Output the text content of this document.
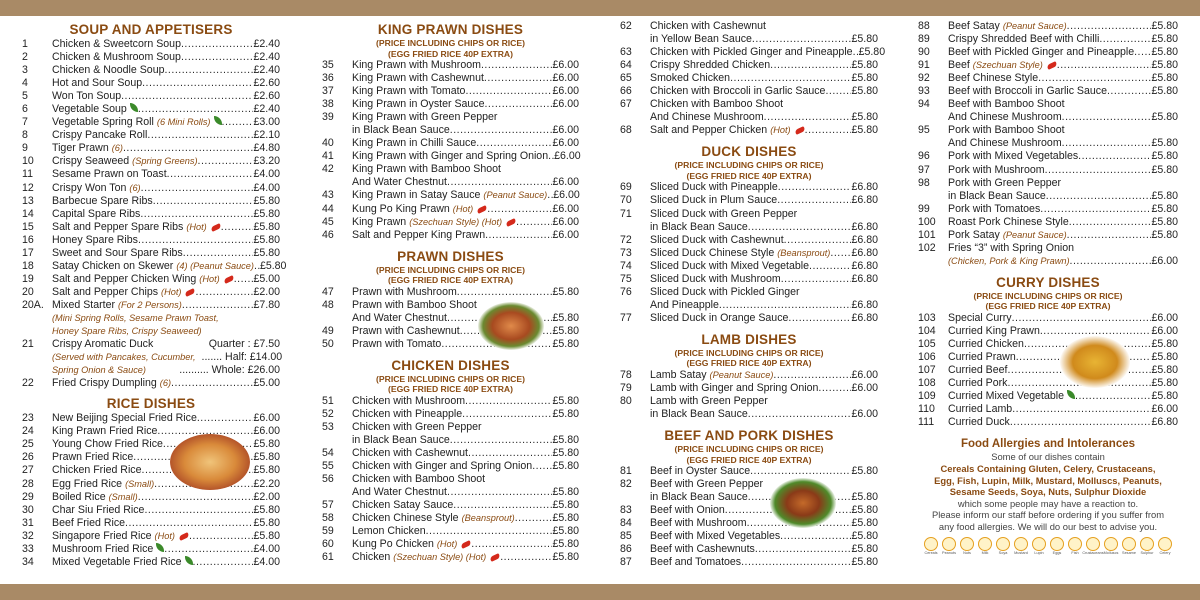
SOUP AND APPETISERS
1	Chicken & Sweetcorn Soup .....	£2.40
2	Chicken & Mushroom Soup .....	£2.40
3	Chicken & Noodle Soup .....	£2.40
4	Hot and Sour Soup .....	£2.60
5	Won Ton Soup .....	£2.60
6	Vegetable Soup .....	£2.40
7	Vegetable Spring Roll (6 Mini Rolls) .....	£3.00
8	Crispy Pancake Roll .....	£2.10
9	Tiger Prawn (6) .....	£4.80
10	Crispy Seaweed (Spring Greens) .....	£3.20
11	Sesame Prawn on Toast .....	£4.00
12	Crispy Won Ton (6) .....	£4.00
13	Barbecue Spare Ribs .....	£5.80
14	Capital Spare Ribs .....	£5.80
15	Salt and Pepper Spare Ribs (Hot) .....	£5.80
16	Honey Spare Ribs .....	£5.80
17	Sweet and Sour Spare Ribs .....	£5.80
18	Satay Chicken on Skewer (4) (Peanut Sauce) ..... £5.80
19	Salt and Pepper Chicken Wing (Hot) .....	£5.00
20	Salt and Pepper Chips (Hot) .....	£2.00
20A. Mixed Starter (For 2 Persons) .....	£7.80
(Mini Spring Rolls, Sesame Prawn Toast,
Honey Spare Ribs, Crispy Seaweed)
21	Crispy Aromatic Duck	Quarter : £7.50
(Served with Pancakes, Cucumber, ....... Half: £14.00
Spring Onion & Sauce)	.......... Whole: £26.00
22	Fried Crispy Dumpling (6) .....	£5.00
RICE DISHES
23	New Beijing Special Fried Rice .....	£6.00
24	King Prawn Fried Rice .....	£6.00
25	Young Chow Fried Rice .....	£5.80
26	Prawn Fried Rice .....	£5.80
27	Chicken Fried Rice .....	£5.80
28	Egg Fried Rice (Small) .....	£2.20
29	Boiled Rice (Small) .....	£2.00
30	Char Siu Fried Rice .....	£5.80
31	Beef Fried Rice .....	£5.80
32	Singapore Fried Rice (Hot) .....	£5.80
33	Mushroom Fried Rice .....	£4.00
34	Mixed Vegetable Fried Rice .....	£4.00
KING PRAWN DISHES
(PRICE INCLUDING CHIPS OR RICE)
(EGG FRIED RICE 40P EXTRA)
35	King Prawn with Mushroom .....	£6.00
36	King Prawn with Cashewnut .....	£6.00
37	King Prawn with Tomato .....	£6.00
38	King Prawn in Oyster Sauce .....	£6.00
39	King Prawn with Green Pepper
in Black Bean Sauce .....	£6.00
40	King Prawn in Chilli Sauce .....	£6.00
41	King Prawn with Ginger and Spring Onion ..... £6.00
42	King Prawn with Bamboo Shoot
And Water Chestnut .....	£6.00
43	King Prawn in Satay Sauce (Peanut Sauce) ..... £6.00
44	Kung Po King Prawn (Hot) .....	£6.00
45	King Prawn (Szechuan Style) (Hot) .....	£6.00
46	Salt and Pepper King Prawn .....	£6.00
PRAWN DISHES
(PRICE INCLUDING CHIPS OR RICE)
(EGG FRIED RICE 40P EXTRA)
47	Prawn with Mushroom .....	£5.80
48	Prawn with Bamboo Shoot
And Water Chestnut .....	£5.80
49	Prawn with Cashewnut .....	£5.80
50	Prawn with Tomato .....	£5.80
CHICKEN DISHES
(PRICE INCLUDING CHIPS OR RICE)
(EGG FRIED RICE 40P EXTRA)
51	Chicken with Mushroom .....	£5.80
52	Chicken with Pineapple .....	£5.80
53	Chicken with Green Pepper
in Black Bean Sauce .....	£5.80
54	Chicken with Cashewnut .....	£5.80
55	Chicken with Ginger and Spring Onion ..... £5.80
56	Chicken with Bamboo Shoot
And Water Chestnut .....	£5.80
57	Chicken Satay Sauce .....	£5.80
58	Chicken Chinese Style (Beansprout) .....	£5.80
59	Lemon Chicken .....	£5.80
60	Kung Po Chicken (Hot) .....	£5.80
61	Chicken (Szechuan Style) (Hot) .....	£5.80
62	Chicken with Cashewnut
in Yellow Bean Sauce .....	£5.80
63	Chicken with Pickled Ginger and Pineapple ..... £5.80
64	Crispy Shredded Chicken .....	£5.80
65	Smoked Chicken .....	£5.80
66	Chicken with Broccoli in Garlic Sauce ..... £5.80
67	Chicken with Bamboo Shoot
And Chinese Mushroom .....	£5.80
68	Salt and Pepper Chicken (Hot) .....	£5.80
DUCK DISHES
(PRICE INCLUDING CHIPS OR RICE)
(EGG FRIED RICE 40P EXTRA)
69	Sliced Duck with Pineapple .....	£6.80
70	Sliced Duck in Plum Sauce .....	£6.80
71	Sliced Duck with Green Pepper
in Black Bean Sauce .....	£6.80
72	Sliced Duck with Cashewnut .....	£6.80
73	Sliced Duck Chinese Style (Beansprout) ..... £6.80
74	Sliced Duck with Mixed Vegetable .....	£6.80
75	Sliced Duck with Mushroom .....	£6.80
76	Sliced Duck with Pickled Ginger
And Pineapple .....	£6.80
77	Sliced Duck in Orange Sauce .....	£6.80
LAMB DISHES
(PRICE INCLUDING CHIPS OR RICE)
(EGG FRIED RICE 40P EXTRA)
78	Lamb Satay (Peanut Sauce) .....	£6.00
79	Lamb with Ginger and Spring Onion .....	£6.00
80	Lamb with Green Pepper
in Black Bean Sauce .....	£6.00
BEEF AND PORK DISHES
(PRICE INCLUDING CHIPS OR RICE)
(EGG FRIED RICE 40P EXTRA)
81	Beef in Oyster Sauce .....	£5.80
82	Beef with Green Pepper
in Black Bean Sauce .....	£5.80
83	Beef with Onion .....	£5.80
84	Beef with Mushroom .....	£5.80
85	Beef with Mixed Vegetables .....	£5.80
86	Beef with Cashewnuts .....	£5.80
87	Beef and Tomatoes .....	£5.80
88	Beef Satay (Peanut Sauce) .....	£5.80
89	Crispy Shredded Beef with Chilli .....	£5.80
90	Beef with Pickled Ginger and Pineapple ..... £5.80
91	Beef (Szechuan Style) .....	£5.80
92	Beef Chinese Style .....	£5.80
93	Beef with Broccoli in Garlic Sauce .....	£5.80
94	Beef with Bamboo Shoot
And Chinese Mushroom .....	£5.80
95	Pork with Bamboo Shoot
And Chinese Mushroom .....	£5.80
96	Pork with Mixed Vegetables .....	£5.80
97	Pork with Mushroom .....	£5.80
98	Pork with Green Pepper
in Black Bean Sauce .....	£5.80
99	Pork with Tomatoes .....	£5.80
100	Roast Pork Chinese Style .....	£5.80
101	Pork Satay (Peanut Sauce) .....	£5.80
102	Fries “3” with Spring Onion
(Chicken, Pork & King Prawn) .....	£6.00
CURRY DISHES
(PRICE INCLUDING CHIPS OR RICE)
(EGG FRIED RICE 40P EXTRA)
103	Special Curry .....	£6.00
104	Curried King Prawn .....	£6.00
105	Curried Chicken .....	£5.80
106	Curried Prawn .....	£5.80
107	Curried Beef .....	£5.80
108	Curried Pork .....	£5.80
109	Curried Mixed Vegetable .....	£5.80
110	Curried Lamb .....	£6.00
111	Curried Duck .....	£6.80
Food Allergies and Intolerances
Some of our dishes contain
Cereals Containing Gluten, Celery, Crustaceans,
Egg, Fish, Lupin, Milk, Mustard, Molluscs, Peanuts,
Sesame Seeds, Soya, Nuts, Sulphur Dioxide
which some people may have a reaction to.
Please inform our staff before ordering if you suffer from
any food allergies. We will do our best to advise you.
Cereals Peanuts Nuts	Milk	Soya Mustard Lupin Eggs	Fish Crustaceans Molluscs Sesame Sulphur Celery
